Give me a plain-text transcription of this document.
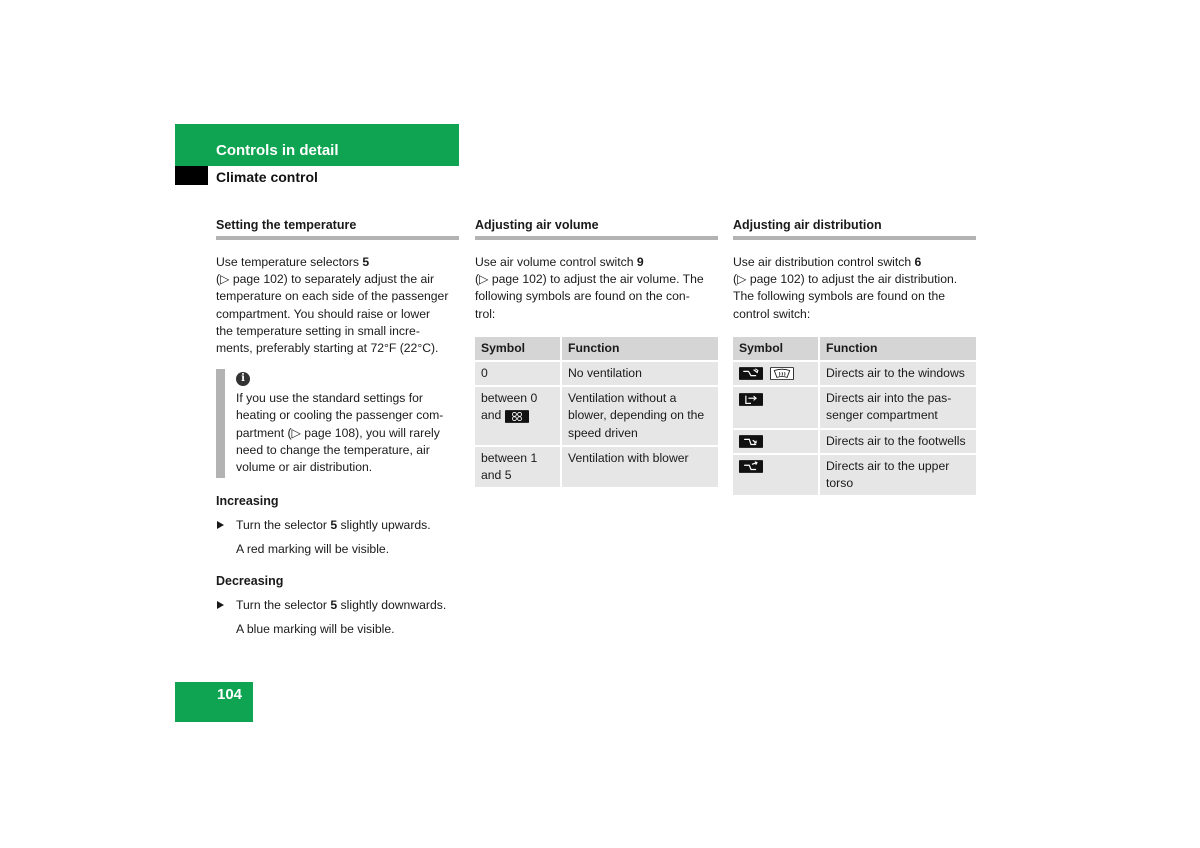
Controls in detail
Climate control
Setting the temperature
Use temperature selectors 5
(▷ page 102) to separately adjust the air
temperature on each side of the passenger
compartment. You should raise or lower
the temperature setting in small incre-
ments, preferably starting at 72°F (22°C).
i
If you use the standard settings for
heating or cooling the passenger com-
partment (▷ page 108), you will rarely
need to change the temperature, air
volume or air distribution.
Increasing
Turn the selector 5 slightly upwards.
A red marking will be visible.
Decreasing
Turn the selector 5 slightly downwards.
A blue marking will be visible.
Adjusting air volume
Use air volume control switch 9
(▷ page 102) to adjust the air volume. The
following symbols are found on the con-
trol:
Symbol	Function
0	No ventilation
between 0
and	Ventilation without a blower, depending on the speed driven
between 1
and 5	Ventilation with blower
Adjusting air distribution
Use air distribution control switch 6
(▷ page 102) to adjust the air distribution.
The following symbols are found on the
control switch:
Symbol	Function
	Directs air to the windows
	Directs air into the pas-senger compartment
	Directs air to the footwells
	Directs air to the upper torso
104
